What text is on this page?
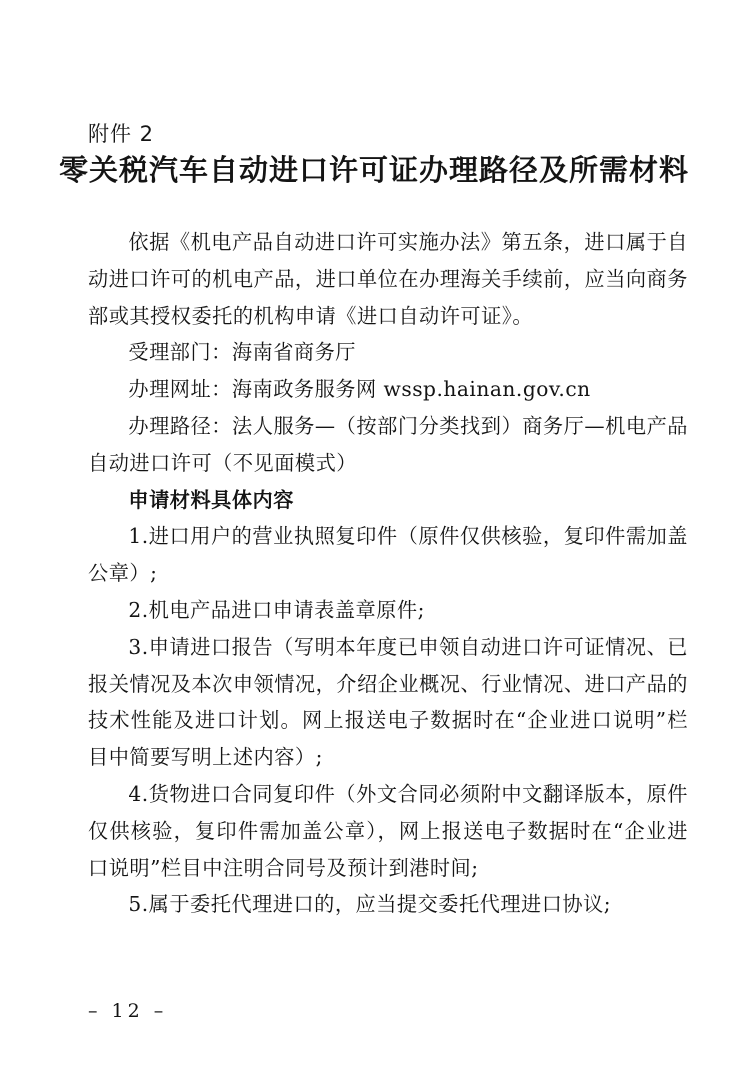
附件 2
零关税汽车自动进口许可证办理路径及所需材料

依据《机电产品自动进口许可实施办法》第五条，进口属于自动进口许可的机电产品，进口单位在办理海关手续前，应当向商务部或其授权委托的机构申请《进口自动许可证》。

受理部门：海南省商务厅

办理网址：海南政务服务网 wssp.hainan.gov.cn

办理路径：法人服务—（按部门分类找到）商务厅—机电产品自动进口许可（不见面模式）

申请材料具体内容

1.进口用户的营业执照复印件（原件仅供核验，复印件需加盖公章）;

2.机电产品进口申请表盖章原件;

3.申请进口报告（写明本年度已申领自动进口许可证情况、已报关情况及本次申领情况，介绍企业概况、行业情况、进口产品的技术性能及进口计划。网上报送电子数据时在“企业进口说明”栏目中简要写明上述内容）;

4.货物进口合同复印件（外文合同必须附中文翻译版本，原件仅供核验，复印件需加盖公章），网上报送电子数据时在“企业进口说明”栏目中注明合同号及预计到港时间;

5.属于委托代理进口的，应当提交委托代理进口协议;

– 12 –
